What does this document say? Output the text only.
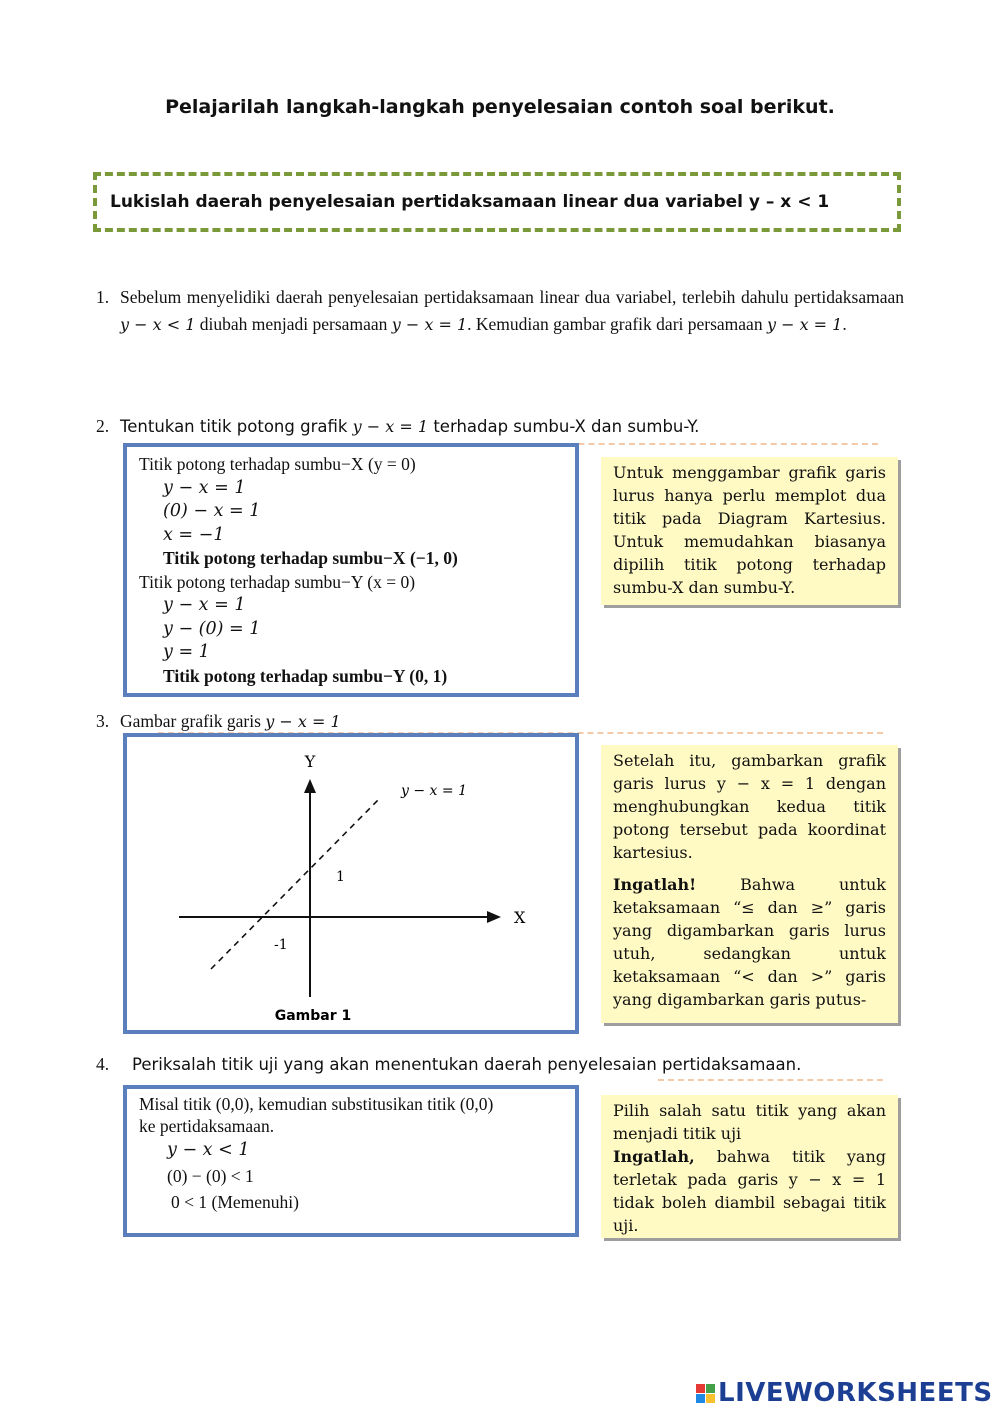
Pelajarilah langkah-langkah penyelesaian contoh soal berikut.
Lukislah daerah penyelesaian pertidaksamaan linear dua variabel y – x < 1
1. Sebelum menyelidiki daerah penyelesaian pertidaksamaan linear dua variabel, terlebih dahulu pertidaksamaan y − x < 1 diubah menjadi persamaan y − x = 1. Kemudian gambar grafik dari persamaan y − x = 1.
2. Tentukan titik potong grafik y − x = 1 terhadap sumbu-X dan sumbu-Y.
Titik potong terhadap sumbu−X (y = 0)
y − x = 1
(0) − x = 1
x = −1
Titik potong terhadap sumbu−X (−1, 0)
Titik potong terhadap sumbu−Y (x = 0)
y − x = 1
y − (0) = 1
y = 1
Titik potong terhadap sumbu−Y (0, 1)
Untuk menggambar grafik garis lurus hanya perlu memplot dua titik pada Diagram Kartesius. Untuk memudahkan biasanya dipilih titik potong terhadap sumbu-X dan sumbu-Y.
3. Gambar grafik garis y − x = 1
Y
X
y − x = 1
1
-1
Gambar 1
Setelah itu, gambarkan grafik garis lurus y − x = 1 dengan menghubungkan kedua titik potong tersebut pada koordinat kartesius.
Ingatlah! Bahwa untuk ketaksamaan “≤ dan ≥” garis yang digambarkan garis lurus utuh, sedangkan untuk ketaksamaan “< dan >” garis yang digambarkan garis putus-
4. Periksalah titik uji yang akan menentukan daerah penyelesaian pertidaksamaan.
Misal titik (0,0), kemudian substitusikan titik (0,0)
ke pertidaksamaan.
y − x < 1
(0) − (0) < 1
0 < 1 (Memenuhi)
Pilih salah satu titik yang akan menjadi titik uji
Ingatlah, bahwa titik yang terletak pada garis y − x = 1 tidak boleh diambil sebagai titik uji.
LIVEWORKSHEETS
